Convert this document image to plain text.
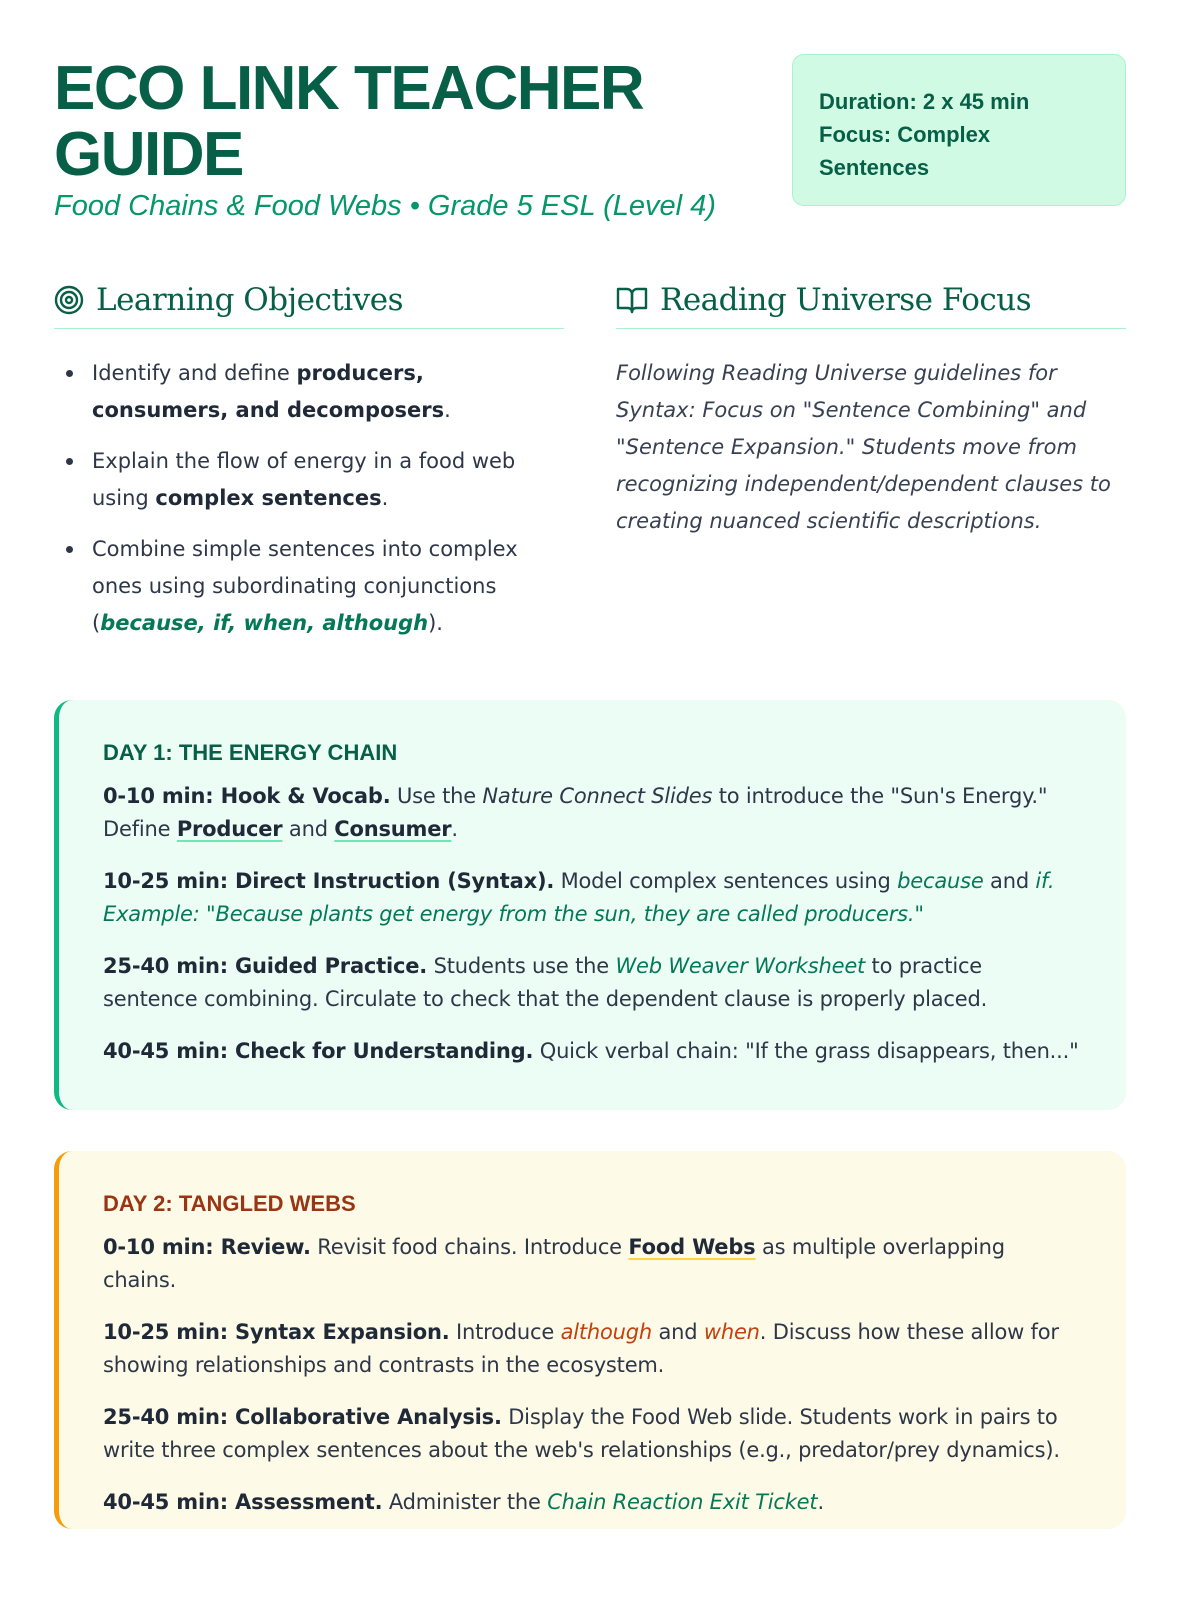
ECO LINK TEACHER GUIDE
Food Chains & Food Webs • Grade 5 ESL (Level 4)
Duration: 2 x 45 min
Focus: Complex Sentences
Learning Objectives
Identify and define producers, consumers, and decomposers.
Explain the flow of energy in a food web using complex sentences.
Combine simple sentences into complex ones using subordinating conjunctions (because, if, when, although).
Reading Universe Focus

Following Reading Universe guidelines for Syntax: Focus on "Sentence Combining" and "Sentence Expansion." Students move from recognizing independent/dependent clauses to creating nuanced scientific descriptions.

DAY 1: THE ENERGY CHAIN

0-10 min: Hook & Vocab. Use the Nature Connect Slides to introduce the "Sun's Energy." Define Producer and Consumer.

10-25 min: Direct Instruction (Syntax). Model complex sentences using because and if.
Example: "Because plants get energy from the sun, they are called producers."

25-40 min: Guided Practice. Students use the Web Weaver Worksheet to practice sentence combining. Circulate to check that the dependent clause is properly placed.

40-45 min: Check for Understanding. Quick verbal chain: "If the grass disappears, then..."

DAY 2: TANGLED WEBS

0-10 min: Review. Revisit food chains. Introduce Food Webs as multiple overlapping chains.

10-25 min: Syntax Expansion. Introduce although and when. Discuss how these allow for showing relationships and contrasts in the ecosystem.

25-40 min: Collaborative Analysis. Display the Food Web slide. Students work in pairs to write three complex sentences about the web's relationships (e.g., predator/prey dynamics).

40-45 min: Assessment. Administer the Chain Reaction Exit Ticket.
